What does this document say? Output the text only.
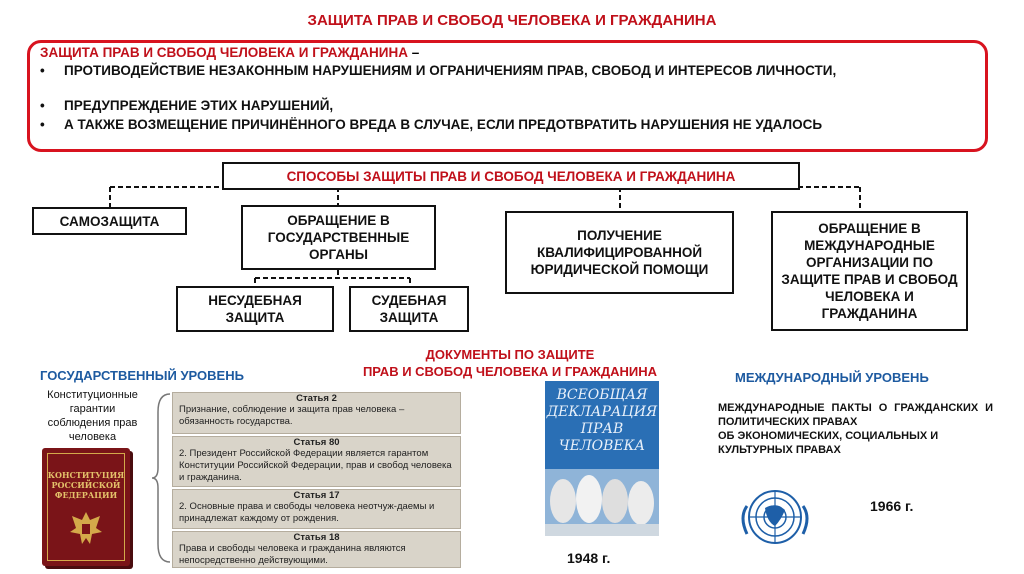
ЗАЩИТА ПРАВ И СВОБОД ЧЕЛОВЕКА И ГРАЖДАНИНА
ЗАЩИТА ПРАВ И СВОБОД ЧЕЛОВЕКА И ГРАЖДАНИНА –
• ПРОТИВОДЕЙСТВИЕ НЕЗАКОННЫМ НАРУШЕНИЯМ И ОГРАНИЧЕНИЯМ ПРАВ, СВОБОД И ИНТЕРЕСОВ ЛИЧНОСТИ,
• ПРЕДУПРЕЖДЕНИЕ ЭТИХ НАРУШЕНИЙ,
• А ТАКЖЕ ВОЗМЕЩЕНИЕ ПРИЧИНЁННОГО ВРЕДА В СЛУЧАЕ, ЕСЛИ ПРЕДОТВРАТИТЬ НАРУШЕНИЯ НЕ УДАЛОСЬ
СПОСОБЫ ЗАЩИТЫ ПРАВ И СВОБОД ЧЕЛОВЕКА И ГРАЖДАНИНА
САМОЗАЩИТА	ОБРАЩЕНИЕ В ГОСУДАРСТВЕННЫЕ ОРГАНЫ
НЕСУДЕБНАЯ ЗАЩИТА
СУДЕБНАЯ ЗАЩИТА
ПОЛУЧЕНИЕ КВАЛИФИЦИРОВАННОЙ ЮРИДИЧЕСКОЙ ПОМОЩИ
ОБРАЩЕНИЕ В МЕЖДУНАРОДНЫЕ ОРГАНИЗАЦИИ ПО ЗАЩИТЕ ПРАВ И СВОБОД ЧЕЛОВЕКА И ГРАЖДАНИНА
ДОКУМЕНТЫ ПО ЗАЩИТЕ
ПРАВ И СВОБОД ЧЕЛОВЕКА И ГРАЖДАНИНА
ГОСУДАРСТВЕННЫЙ УРОВЕНЬ	МЕЖДУНАРОДНЫЙ УРОВЕНЬ
Конституционные гарантии соблюдения прав человека
КОНСТИТУЦИЯ
РОССИЙСКОЙ
ФЕДЕРАЦИИ
Статья 2
Признание, соблюдение и защита прав человека – обязанность государства.
Статья 80
2. Президент Российской Федерации является гарантом Конституции Российской Федерации, прав и свобод человека и гражданина.
Статья 17
2. Основные права и свободы человека неотчуж-даемы и принадлежат каждому от рождения.
Статья 18
Права и свободы человека и гражданина являются непосредственно действующими.
ВСЕОБЩАЯ
ДЕКЛАРАЦИЯ
ПРАВ
ЧЕЛОВЕКА
1948 г.
МЕЖДУНАРОДНЫЕ ПАКТЫ О ГРАЖДАНСКИХ И ПОЛИТИЧЕСКИХ ПРАВАХ
ОБ ЭКОНОМИЧЕСКИХ, СОЦИАЛЬНЫХ И КУЛЬТУРНЫХ ПРАВАХ
1966 г.
